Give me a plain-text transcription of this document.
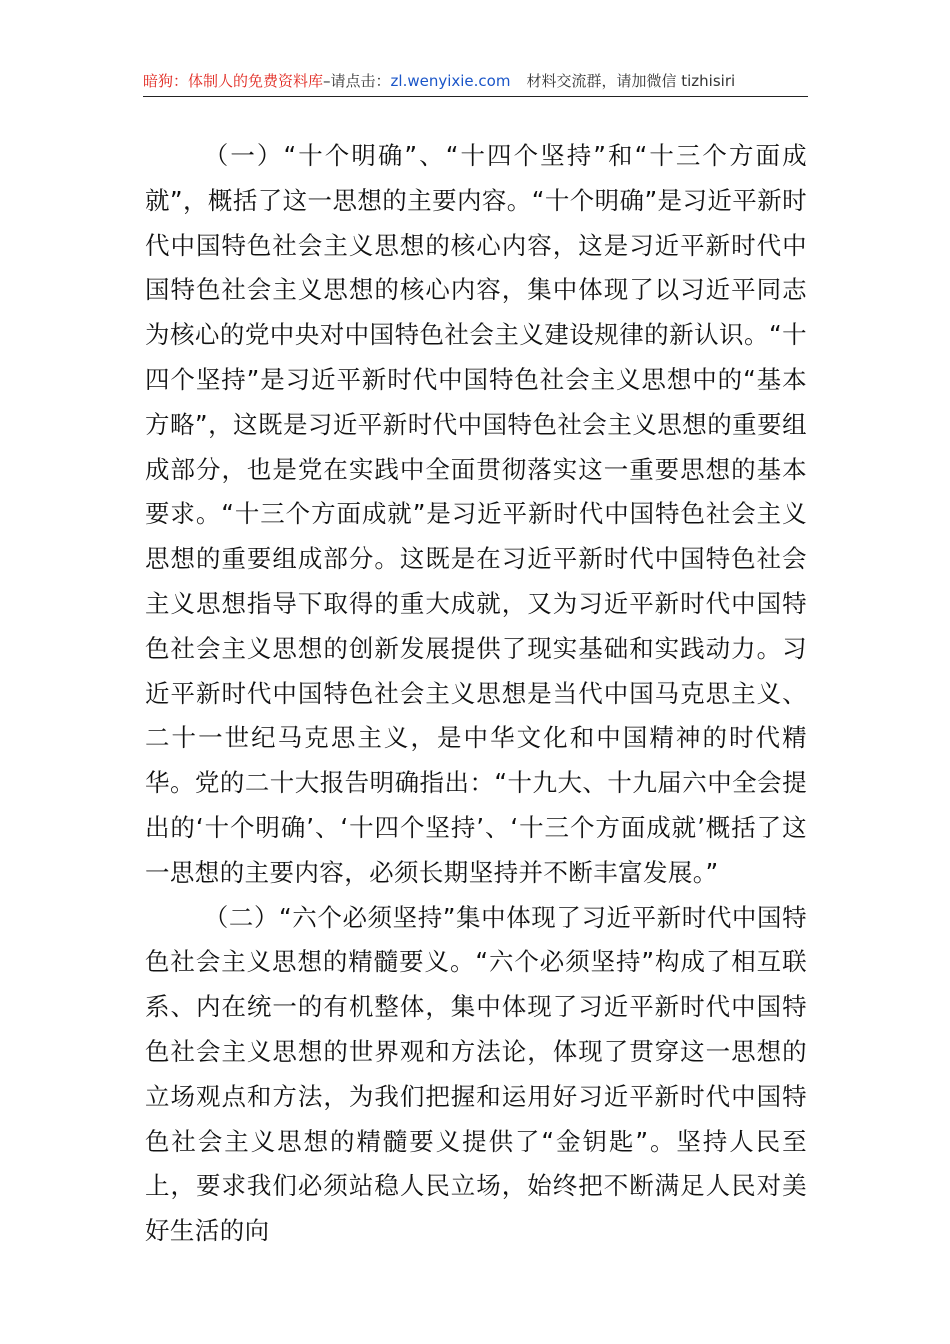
暗狗：体制人的免费资料库–请点击：zl.wenyixie.com 材料交流群，请加微信 tizhisiri

（一）“十个明确”、“十四个坚持”和“十三个方面成就”，概括了这一思想的主要内容。“十个明确”是习近平新时代中国特色社会主义思想的核心内容，这是习近平新时代中国特色社会主义思想的核心内容，集中体现了以习近平同志为核心的党中央对中国特色社会主义建设规律的新认识。“十四个坚持”是习近平新时代中国特色社会主义思想中的“基本方略”，这既是习近平新时代中国特色社会主义思想的重要组成部分，也是党在实践中全面贯彻落实这一重要思想的基本要求。“十三个方面成就”是习近平新时代中国特色社会主义思想的重要组成部分。这既是在习近平新时代中国特色社会主义思想指导下取得的重大成就，又为习近平新时代中国特色社会主义思想的创新发展提供了现实基础和实践动力。习近平新时代中国特色社会主义思想是当代中国马克思主义、二十一世纪马克思主义，是中华文化和中国精神的时代精华。党的二十大报告明确指出：“十九大、十九届六中全会提出的‘十个明确’、‘十四个坚持’、‘十三个方面成就’概括了这一思想的主要内容，必须长期坚持并不断丰富发展。”

（二）“六个必须坚持”集中体现了习近平新时代中国特色社会主义思想的精髓要义。“六个必须坚持”构成了相互联系、内在统一的有机整体，集中体现了习近平新时代中国特色社会主义思想的世界观和方法论，体现了贯穿这一思想的立场观点和方法，为我们把握和运用好习近平新时代中国特色社会主义思想的精髓要义提供了“金钥匙”。坚持人民至上，要求我们必须站稳人民立场，始终把不断满足人民对美好生活的向
